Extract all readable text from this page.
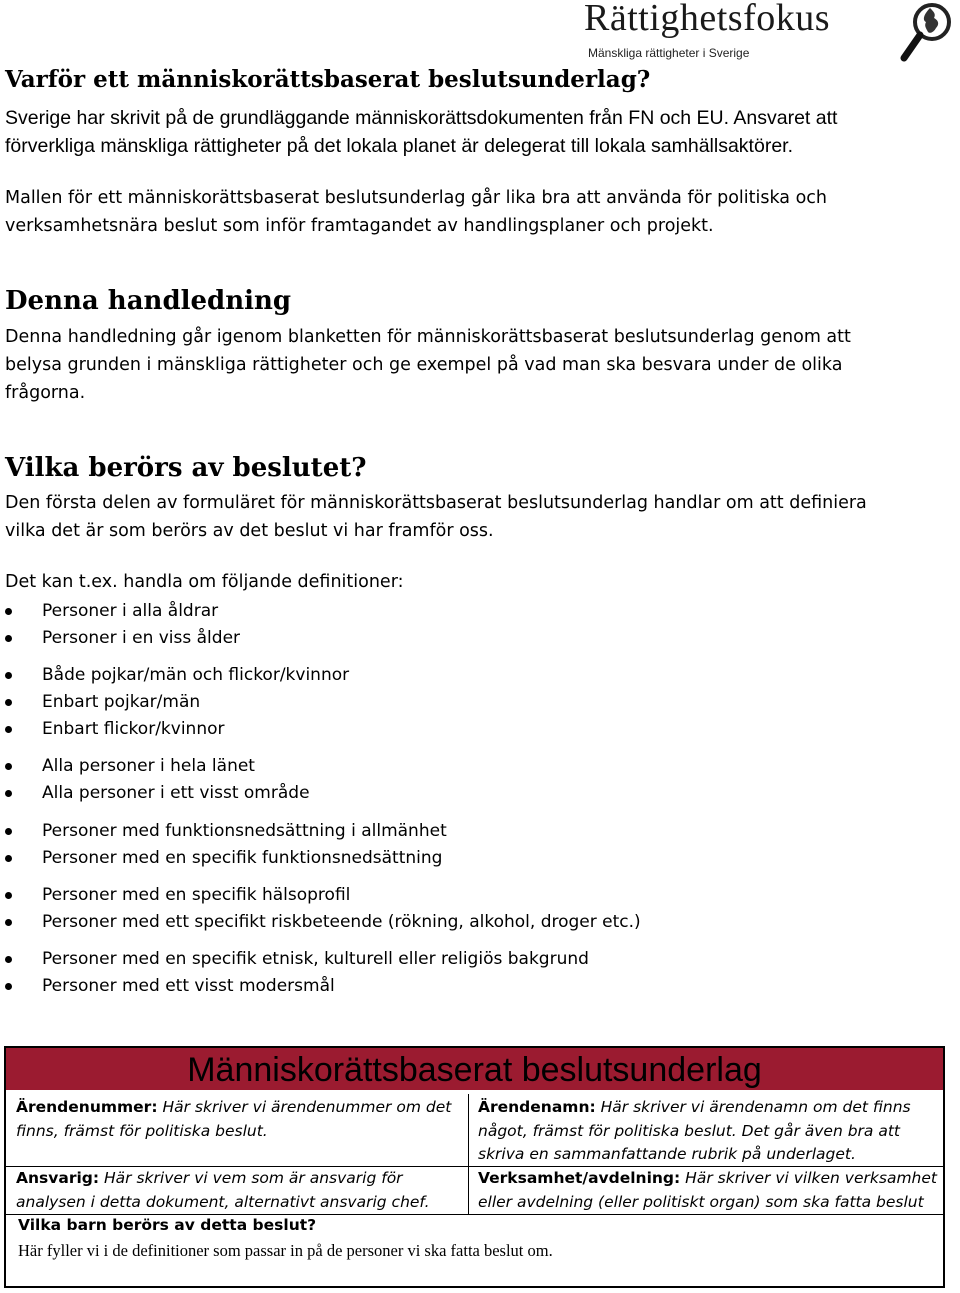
Rättighetsfokus
Mänskliga rättigheter i Sverige
Varför ett människorättsbaserat beslutsunderlag?

Sverige har skrivit på de grundläggande människorättsdokumenten från FN och EU. Ansvaret att

förverkliga mänskliga rättigheter på det lokala planet är delegerat till lokala samhällsaktörer.

Mallen för ett människorättsbaserat beslutsunderlag går lika bra att använda för politiska och

verksamhetsnära beslut som inför framtagandet av handlingsplaner och projekt.

Denna handledning

Denna handledning går igenom blanketten för människorättsbaserat beslutsunderlag genom att

belysa grunden i mänskliga rättigheter och ge exempel på vad man ska besvara under de olika

frågorna.

Vilka berörs av beslutet?

Den första delen av formuläret för människorättsbaserat beslutsunderlag handlar om att definiera

vilka det är som berörs av det beslut vi har framför oss.

Det kan t.ex. handla om följande definitioner:

Personer i alla åldrar
Personer i en viss ålder
Både pojkar/män och flickor/kvinnor
Enbart pojkar/män
Enbart flickor/kvinnor
Alla personer i hela länet
Alla personer i ett visst område
Personer med funktionsnedsättning i allmänhet
Personer med en specifik funktionsnedsättning
Personer med en specifik hälsoprofil
Personer med ett specifikt riskbeteende (rökning, alkohol, droger etc.)
Personer med en specifik etnisk, kulturell eller religiös bakgrund
Personer med ett visst modersmål
Människorättsbaserat beslutsunderlag
Ärendenummer: Här skriver vi ärendenummer om det
finns, främst för politiska beslut.
Ärendenamn: Här skriver vi ärendenamn om det finns
något, främst för politiska beslut. Det går även bra att
skriva en sammanfattande rubrik på underlaget.
Ansvarig: Här skriver vi vem som är ansvarig för
analysen i detta dokument, alternativt ansvarig chef.
Verksamhet/avdelning: Här skriver vi vilken verksamhet
eller avdelning (eller politiskt organ) som ska fatta beslut
Vilka barn berörs av detta beslut?
Här fyller vi i de definitioner som passar in på de personer vi ska fatta beslut om.
